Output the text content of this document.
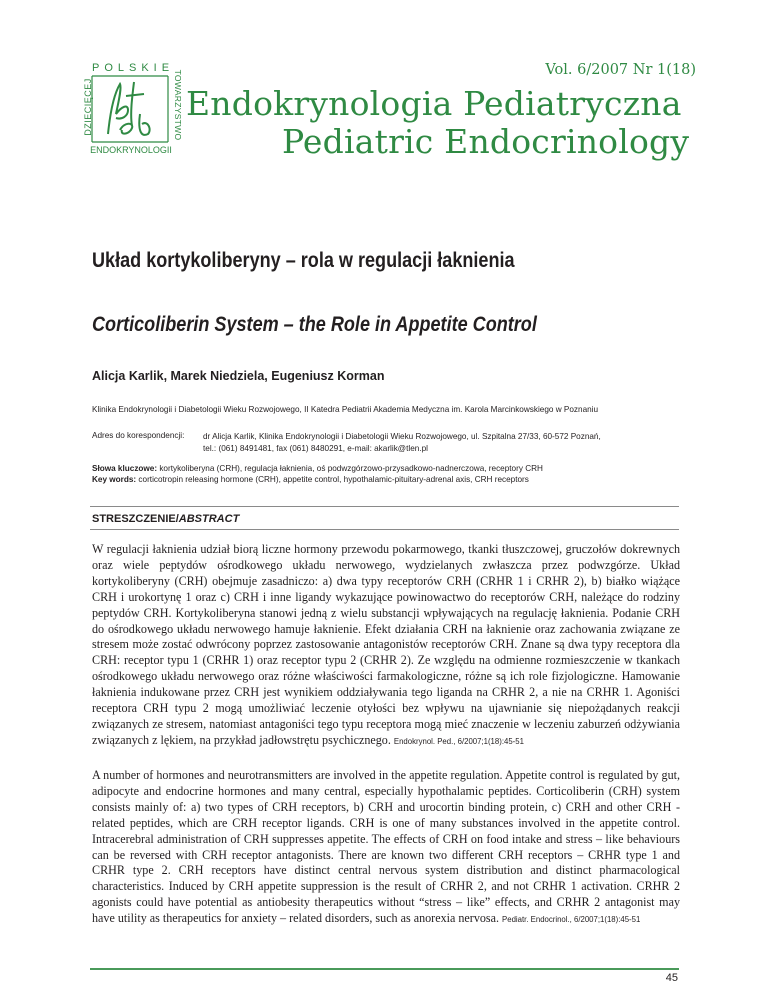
POLSKIE
DZIECIĘCEJ	TOWARZYSTWO
ENDOKRYNOLOGII
Vol. 6/2007 Nr 1(18)
Endokrynologia Pediatryczna
Pediatric Endocrinology
Układ kortykoliberyny – rola w regulacji łaknienia
Corticoliberin System – the Role in Appetite Control
Alicja Karlik, Marek Niedziela, Eugeniusz Korman
Klinika Endokrynologii i Diabetologii Wieku Rozwojowego, II Katedra Pediatrii Akademia Medyczna im. Karola Marcinkowskiego w Poznaniu
Adres do korespondencji: dr Alicja Karlik, Klinika Endokrynologii i Diabetologii Wieku Rozwojowego, ul. Szpitalna 27/33, 60-572 Poznań,
tel.: (061) 8491481, fax (061) 8480291, e-mail: akarlik@tlen.pl
Słowa kluczowe: kortykoliberyna (CRH), regulacja łaknienia, oś podwzgórzowo-przysadkowo-nadnerczowa, receptory CRH
Key words: corticotropin releasing hormone (CRH), appetite control, hypothalamic-pituitary-adrenal axis, CRH receptors
STRESZCZENIE/ABSTRACT
W regulacji łaknienia udział biorą liczne hormony przewodu pokarmowego, tkanki tłuszczowej, gruczołów dokrewnych oraz wiele peptydów ośrodkowego układu nerwowego, wydzielanych zwłaszcza przez podwzgórze. Układ kortykoliberyny (CRH) obejmuje zasadniczo: a) dwa typy receptorów CRH (CRHR 1 i CRHR 2), b) białko wiążące CRH i urokortynę 1 oraz c) CRH i inne ligandy wykazujące powinowactwo do receptorów CRH, należące do rodziny peptydów CRH. Kortykoliberyna stanowi jedną z wielu substancji wpływających na regulację łaknienia. Podanie CRH do ośrodkowego układu nerwowego hamuje łaknienie. Efekt działania CRH na łaknienie oraz zachowania związane ze stresem może zostać odwrócony poprzez zastosowanie antagonistów receptorów CRH. Znane są dwa typy receptora dla CRH: receptor typu 1 (CRHR 1) oraz receptor typu 2 (CRHR 2). Ze względu na odmienne rozmieszczenie w tkankach ośrodkowego układu nerwowego oraz różne właściwości farmakologiczne, różne są ich role fizjologiczne. Hamowanie łaknienia indukowane przez CRH jest wynikiem oddziaływania tego liganda na CRHR 2, a nie na CRHR 1. Agoniści receptora CRH typu 2 mogą umożliwiać leczenie otyłości bez wpływu na ujawnianie się niepożądanych reakcji związanych ze stresem, natomiast antagoniści tego typu receptora mogą mieć znaczenie w leczeniu zaburzeń odżywiania związanych z lękiem, na przykład jadłowstrętu psychicznego. Endokrynol. Ped., 6/2007;1(18):45-51
A number of hormones and neurotransmitters are involved in the appetite regulation. Appetite control is regulated by gut, adipocyte and endocrine hormones and many central, especially hypothalamic peptides. Corticoliberin (CRH) system consists mainly of: a) two types of CRH receptors, b) CRH and urocortin binding protein, c) CRH and other CRH - related peptides, which are CRH receptor ligands. CRH is one of many substances involved in the appetite control. Intracerebral administration of CRH suppresses appetite. The effects of CRH on food intake and stress – like behaviours can be reversed with CRH receptor antagonists. There are known two different CRH receptors – CRHR type 1 and CRHR type 2. CRH receptors have distinct central nervous system distribution and distinct pharmacological characteristics. Induced by CRH appetite suppression is the result of CRHR 2, and not CRHR 1 activation. CRHR 2 agonists could have potential as antiobesity therapeutics without “stress – like” effects, and CRHR 2 antagonist may have utility as therapeutics for anxiety – related disorders, such as anorexia nervosa. Pediatr. Endocrinol., 6/2007;1(18):45-51
45
